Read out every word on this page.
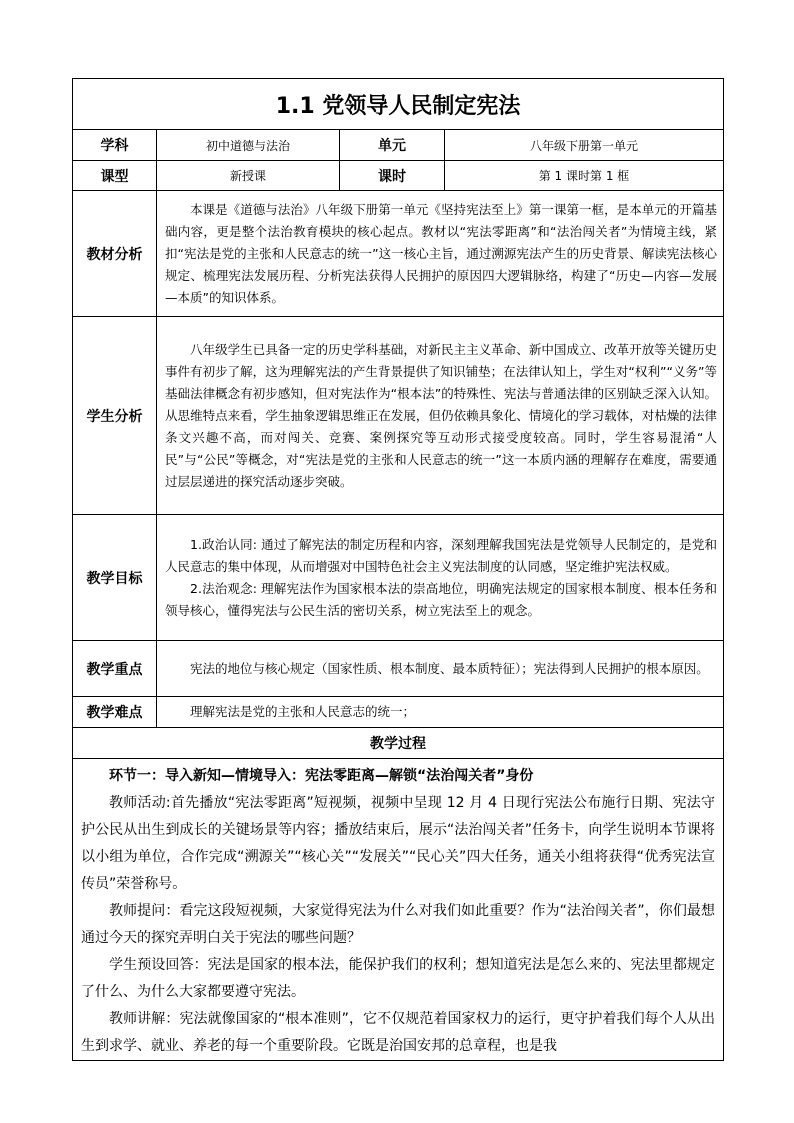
1.1 党领导人民制定宪法			
学科	初中道德与法治	单元	八年级下册第一单元
课型	新授课	课时	第 1 课时第 1 框
教材分析	本课是《道德与法治》八年级下册第一单元《坚持宪法至上》第一课第一框，是本单元的开篇基础内容，更是整个法治教育模块的核心起点。教材以“宪法零距离”和“法治闯关者”为情境主线，紧扣“宪法是党的主张和人民意志的统一”这一核心主旨，通过溯源宪法产生的历史背景、解读宪法核心规定、梳理宪法发展历程、分析宪法获得人民拥护的原因四大逻辑脉络，构建了“历史—内容—发展—本质”的知识体系。		

学生分析	八年级学生已具备一定的历史学科基础，对新民主主义革命、新中国成立、改革开放等关键历史事件有初步了解，这为理解宪法的产生背景提供了知识铺垫；在法律认知上，学生对“权利”“义务”等基础法律概念有初步感知，但对宪法作为“根本法”的特殊性、宪法与普通法律的区别缺乏深入认知。从思维特点来看，学生抽象逻辑思维正在发展，但仍依赖具象化、情境化的学习载体，对枯燥的法律条文兴趣不高，而对闯关、竞赛、案例探究等互动形式接受度较高。同时，学生容易混淆“人民”与“公民”等概念，对“宪法是党的主张和人民意志的统一”这一本质内涵的理解存在难度，需要通过层层递进的探究活动逐步突破。		

教学目标	1.政治认同: 通过了解宪法的制定历程和内容，深刻理解我国宪法是党领导人民制定的，是党和人民意志的集中体现，从而增强对中国特色社会主义宪法制度的认同感，坚定维护宪法权威。

2.法治观念: 理解宪法作为国家根本法的崇高地位，明确宪法规定的国家根本制度、根本任务和领导核心，懂得宪法与公民生活的密切关系，树立宪法至上的观念。		

教学重点	宪法的地位与核心规定（国家性质、根本制度、最本质特征）；宪法得到人民拥护的根本原因。		

教学难点	理解宪法是党的主张和人民意志的统一；		

教学过程			

环节一：导入新知—情境导入：宪法零距离—解锁“法治闯关者”身份

教师活动:首先播放“宪法零距离”短视频，视频中呈现 12 月 4 日现行宪法公布施行日期、宪法守护公民从出生到成长的关键场景等内容；播放结束后，展示“法治闯关者”任务卡，向学生说明本节课将以小组为单位，合作完成“溯源关”“核心关”“发展关”“民心关”四大任务，通关小组将获得“优秀宪法宣传员”荣誉称号。

教师提问：看完这段短视频，大家觉得宪法为什么对我们如此重要？作为“法治闯关者”，你们最想通过今天的探究弄明白关于宪法的哪些问题？

学生预设回答：宪法是国家的根本法，能保护我们的权利；想知道宪法是怎么来的、宪法里都规定了什么、为什么大家都要遵守宪法。

教师讲解：宪法就像国家的“根本准则”，它不仅规范着国家权力的运行，更守护着我们每个人从出生到求学、就业、养老的每一个重要阶段。它既是治国安邦的总章程，也是我			
